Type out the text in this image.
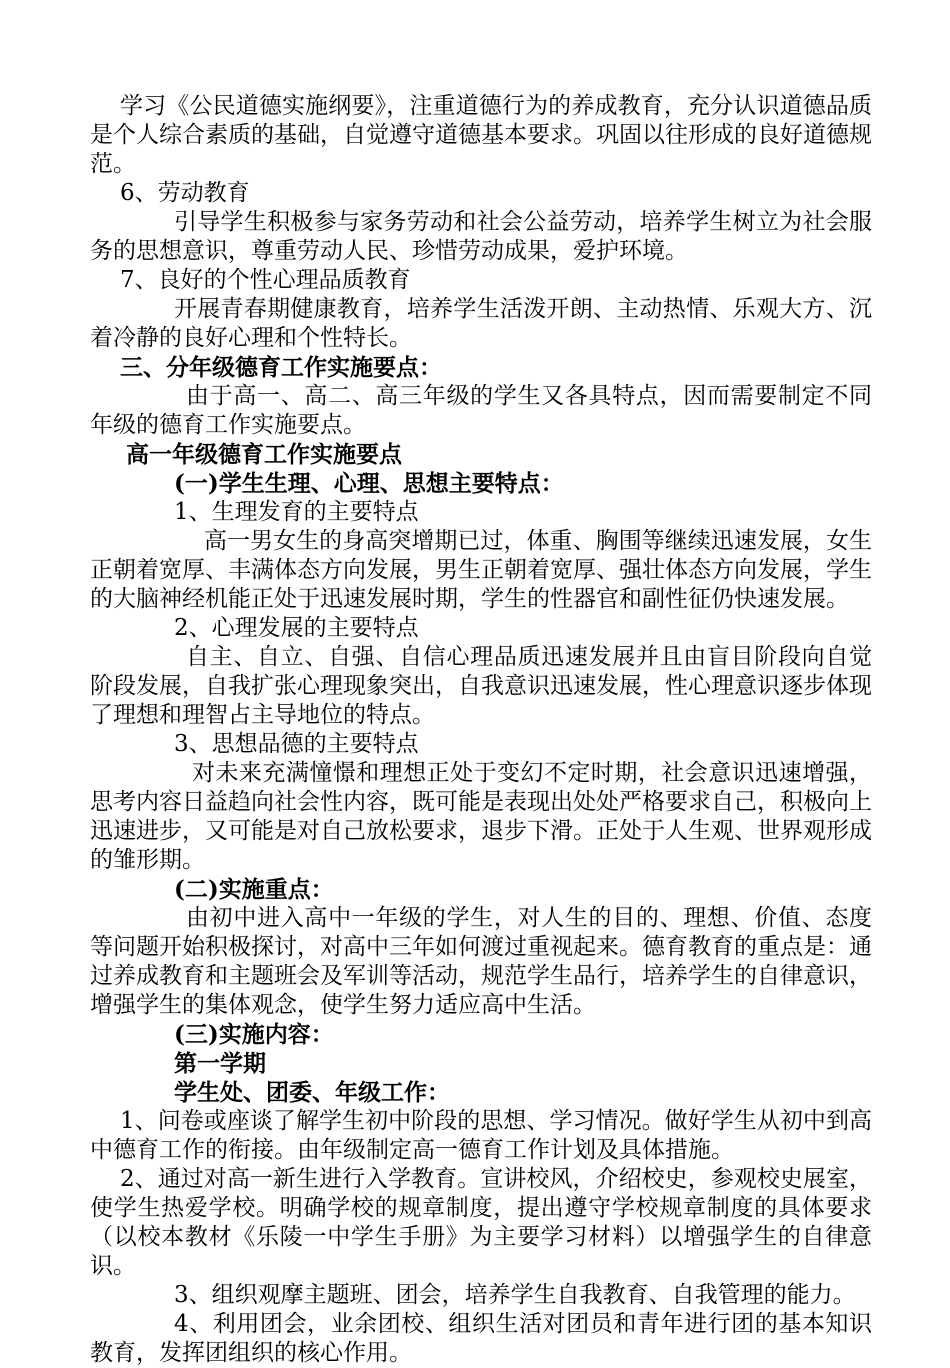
学习《公民道德实施纲要》，注重道德行为的养成教育，充分认识道德品质是个人综合素质的基础，自觉遵守道德基本要求。巩固以往形成的良好道德规范。

6、劳动教育

引导学生积极参与家务劳动和社会公益劳动，培养学生树立为社会服务的思想意识，尊重劳动人民、珍惜劳动成果，爱护环境。

7、良好的个性心理品质教育

开展青春期健康教育，培养学生活泼开朗、主动热情、乐观大方、沉着冷静的良好心理和个性特长。

三、分年级德育工作实施要点：

由于高一、高二、高三年级的学生又各具特点，因而需要制定不同年级的德育工作实施要点。

高一年级德育工作实施要点

(一)学生生理、心理、思想主要特点：

1、生理发育的主要特点

高一男女生的身高突增期已过，体重、胸围等继续迅速发展，女生正朝着宽厚、丰满体态方向发展，男生正朝着宽厚、强壮体态方向发展，学生的大脑神经机能正处于迅速发展时期，学生的性器官和副性征仍快速发展。

2、心理发展的主要特点

自主、自立、自强、自信心理品质迅速发展并且由盲目阶段向自觉阶段发展，自我扩张心理现象突出，自我意识迅速发展，性心理意识逐步体现了理想和理智占主导地位的特点。

3、思想品德的主要特点

对未来充满憧憬和理想正处于变幻不定时期，社会意识迅速增强，思考内容日益趋向社会性内容，既可能是表现出处处严格要求自己，积极向上迅速进步，又可能是对自己放松要求，退步下滑。正处于人生观、世界观形成的雏形期。

(二)实施重点：

由初中进入高中一年级的学生，对人生的目的、理想、价值、态度等问题开始积极探讨，对高中三年如何渡过重视起来。德育教育的重点是：通过养成教育和主题班会及军训等活动，规范学生品行，培养学生的自律意识，增强学生的集体观念，使学生努力适应高中生活。

(三)实施内容：

第一学期

学生处、团委、年级工作：

1、问卷或座谈了解学生初中阶段的思想、学习情况。做好学生从初中到高中德育工作的衔接。由年级制定高一德育工作计划及具体措施。

2、通过对高一新生进行入学教育。宣讲校风，介绍校史，参观校史展室，使学生热爱学校。明确学校的规章制度，提出遵守学校规章制度的具体要求（以校本教材《乐陵一中学生手册》为主要学习材料）以增强学生的自律意识。

3、组织观摩主题班、团会，培养学生自我教育、自我管理的能力。

4、利用团会，业余团校、组织生活对团员和青年进行团的基本知识教育，发挥团组织的核心作用。
